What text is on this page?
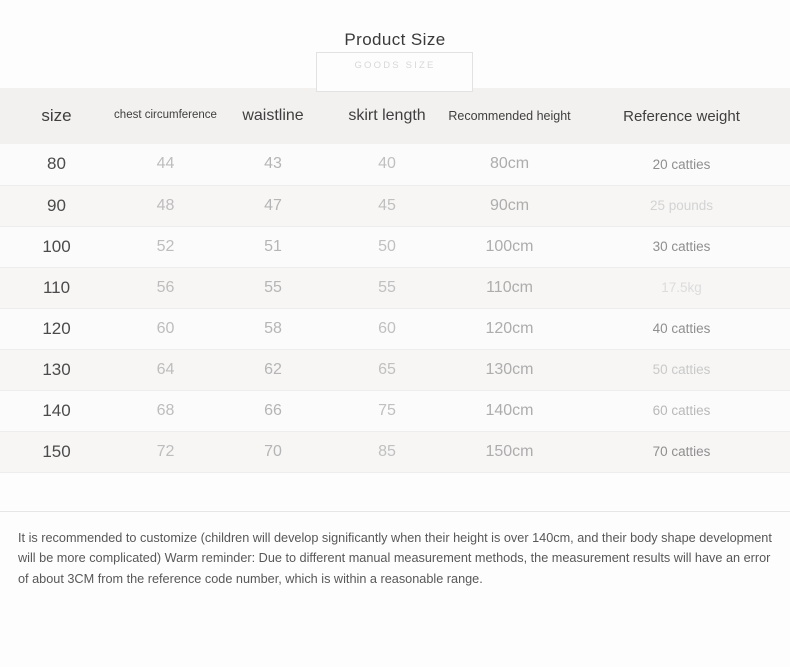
Product Size
GOODS SIZE
size	chest circumference	waistline	skirt length	Recommended height	Reference weight
80	44	43	40	80cm	20 catties
90	48	47	45	90cm	25 pounds
100	52	51	50	100cm	30 catties
110	56	55	55	110cm	17.5kg
120	60	58	60	120cm	40 catties
130	64	62	65	130cm	50 catties
140	68	66	75	140cm	60 catties
150	72	70	85	150cm	70 catties
It is recommended to customize (children will develop significantly when their height is over 140cm, and their body shape development will be more complicated) Warm reminder: Due to different manual measurement methods, the measurement results will have an error of about 3CM from the reference code number, which is within a reasonable range.
